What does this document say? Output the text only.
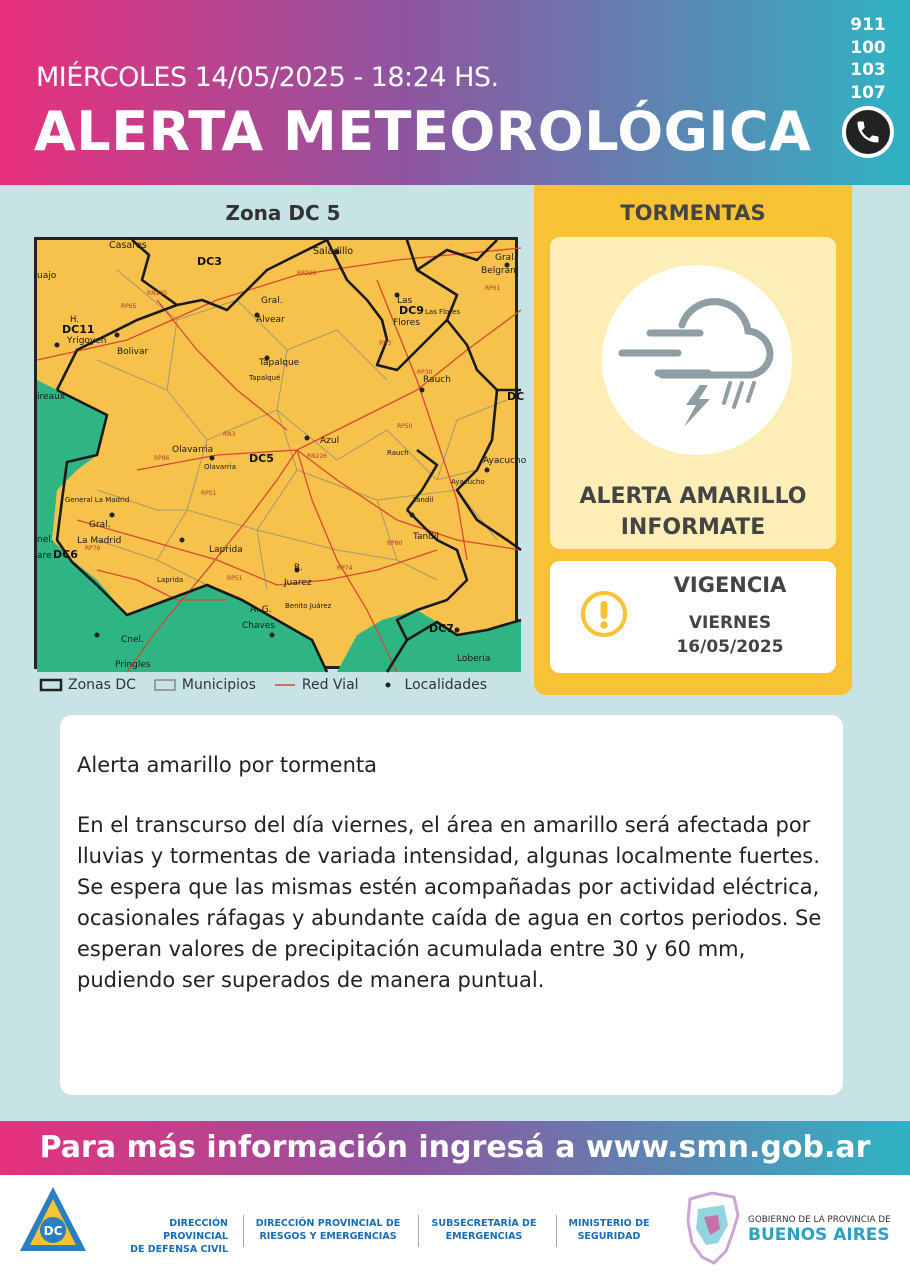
MIÉRCOLES 14/05/2025 - 18:24 HS.
ALERTA METEOROLÓGICA
911
100
103
107
Zona DC 5
Casares
Saladillo
Gral.
Belgran
uajo
Las
Flores
Las Flores
Gral.
Alvear
H.
Yrigoyen
Bolivar
Tapalque
Tapalqué	Rauch
Rauch
Azul
Olavarria
Olavarria
General La Madrid
Gral.
La Madrid
Laprida
Laprida
Tandil
Tandil
Ayacucho
Ayacucho
B.
Juarez
Benito Juárez
A. G.
Chaves
Cnel.
Pringles
Loberia
nel.
are
ireaux
DC3
DC9
DC11
DC5
DC6
DC7
DC
RN205
RP65
RP226
RN3
RP61
RP30
RN226
RP50
RP51
RP86
RN3
RP80
RP74
RP76
RP51
Zonas DC	Municipios	Red Vial	Localidades
TORMENTAS
ALERTA AMARILLO
INFORMATE
VIGENCIA
VIERNES
16/05/2025
Alerta amarillo por tormenta
En el transcurso del día viernes, el área en amarillo será afectada por lluvias y tormentas de variada intensidad, algunas localmente fuertes. Se espera que las mismas estén acompañadas por actividad eléctrica, ocasionales ráfagas y abundante caída de agua en cortos periodos. Se esperan valores de precipitación acumulada entre 30 y 60 mm, pudiendo ser superados de manera puntual.
Para más información ingresá a www.smn.gob.ar
DC
DIRECCIÓN PROVINCIAL
DE DEFENSA CIVIL
DIRECCIÓN PROVINCIAL DE
RIESGOS Y EMERGENCIAS
SUBSECRETARÍA DE
EMERGENCIAS
MINISTERIO DE
SEGURIDAD
GOBIERNO DE LA PROVINCIA DE
BUENOS AIRES
